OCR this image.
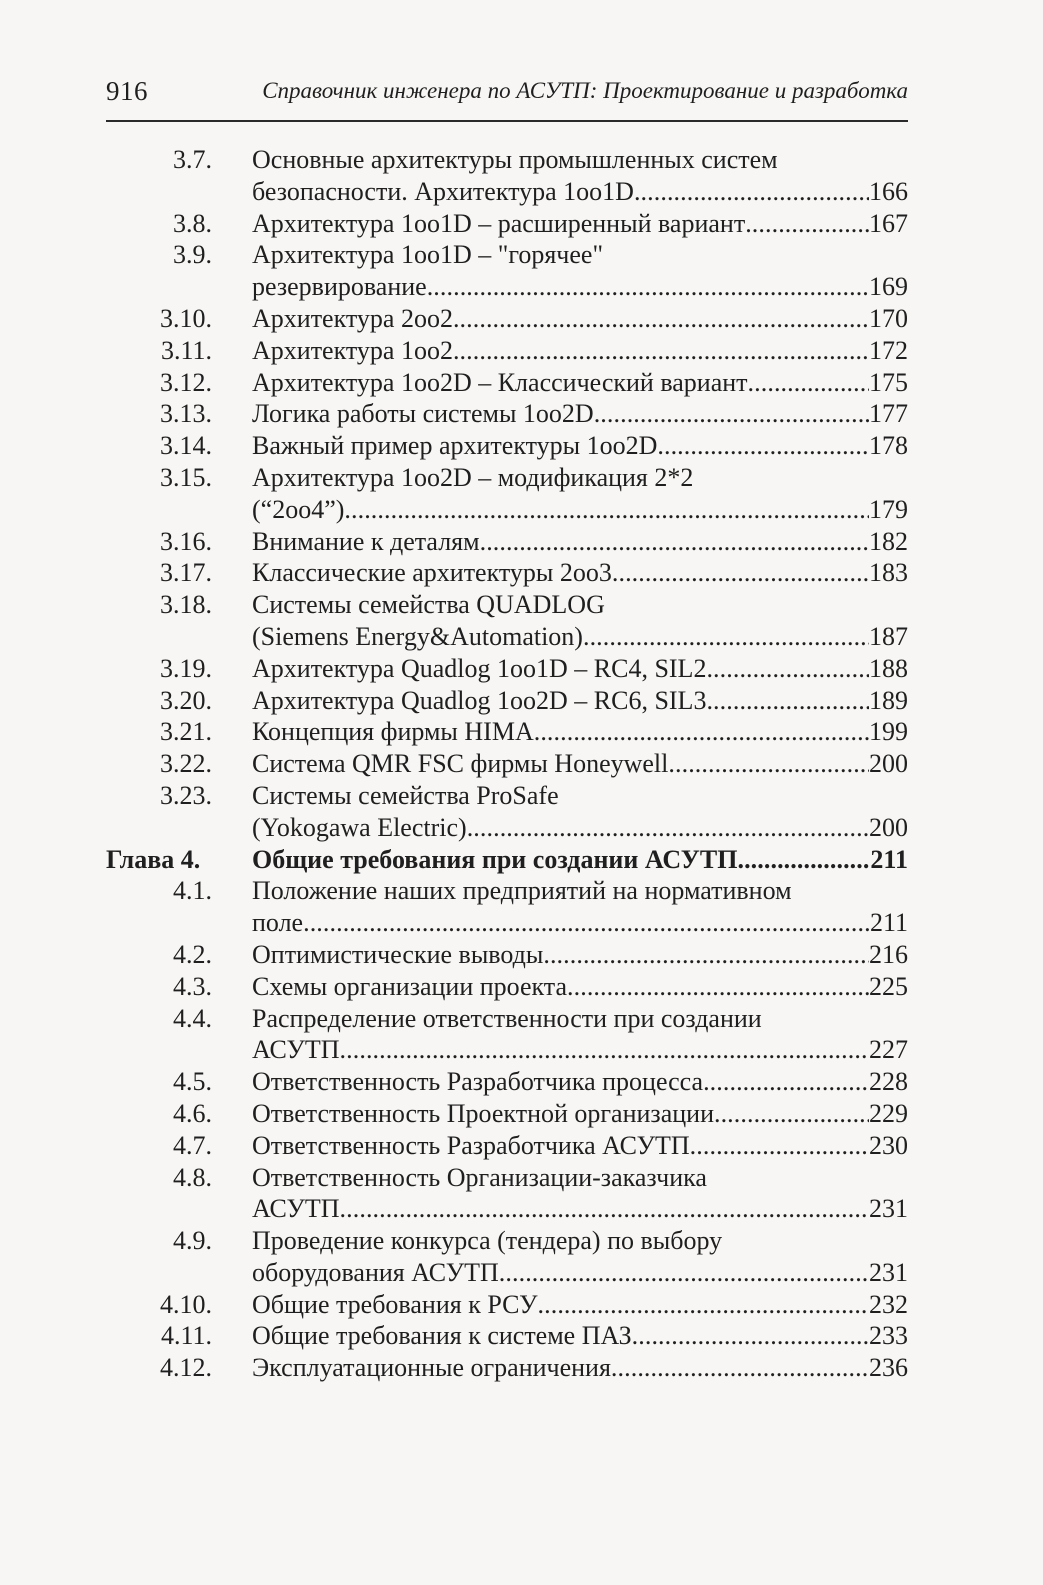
916	Справочник инженера по АСУТП: Проектирование и разработка
3.7.	Основные архитектуры промышленных систем
безопасности. Архитектура 1oo1D . . .	166
3.8.	Архитектура 1oo1D – расширенный вариант . . .	167
3.9.	Архитектура 1oo1D – "горячее"
резервирование . . .	169
3.10.	Архитектура 2oo2 . . .	170
3.11.	Архитектура 1oo2 . . .	172
3.12.	Архитектура 1oo2D – Классический вариант . . .	175
3.13.	Логика работы системы 1oo2D . . .	177
3.14.	Важный пример архитектуры 1oo2D . . .	178
3.15.	Архитектура 1oo2D – модификация 2*2
(“2oo4”) . . .	179
3.16.	Внимание к деталям . . .	182
3.17.	Классические архитектуры 2oo3 . . .	183
3.18.	Системы семейства QUADLOG
(Siemens Energy&Automation) . . .	187
3.19.	Архитектура Quadlog 1oo1D – RC4, SIL2 . . .	188
3.20.	Архитектура Quadlog 1oo2D – RC6, SIL3 . . .	189
3.21.	Концепция фирмы HIMA . . .	199
3.22.	Система QMR FSC фирмы Honeywell . . .	200
3.23.	Системы семейства ProSafe
(Yokogawa Electric) . . .	200
Глава 4.	Общие требования при создании АСУТП . . .	211
4.1.	Положение наших предприятий на нормативном
поле . . .	211
4.2.	Оптимистические выводы . . .	216
4.3.	Схемы организации проекта . . .	225
4.4.	Распределение ответственности при создании
АСУТП . . .	227
4.5.	Ответственность Разработчика процесса . . .	228
4.6.	Ответственность Проектной организации . . .	229
4.7.	Ответственность Разработчика АСУТП . . .	230
4.8.	Ответственность Организации-заказчика
АСУТП . . .	231
4.9.	Проведение конкурса (тендера) по выбору
оборудования АСУТП . . .	231
4.10.	Общие требования к РСУ . . .	232
4.11.	Общие требования к системе ПАЗ . . .	233
4.12.	Эксплуатационные ограничения . . .	236
